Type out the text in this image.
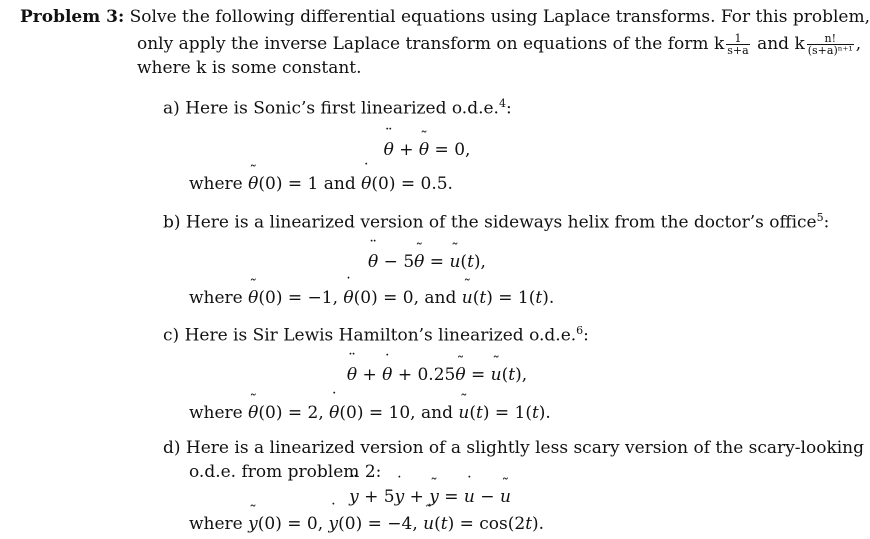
Problem 3: Solve the following differential equations using Laplace transforms. For this problem,
only apply the inverse Laplace transform on equations of the form k $\frac{1}{s+a}$ and k $\frac{n!}{\text{(s+a)ⁿ⁺¹}}$ ,
where k is some constant.
a) Here is Sonic’s first linearized o.d.e.$^4$:
¨ θ + θ ˜ = 0,
where θ ˜(0) = 1 and ˙ θ(0) = 0.5.
b) Here is a linearized version of the sideways helix from the doctor’s office$^5$:
¨ θ − 5θ ˜ = u ˜(t),
where θ ˜(0) = −1, ˙ θ(0) = 0, and u ˜(t) = 1(t).
c) Here is Sir Lewis Hamilton’s linearized o.d.e.$^6$:
¨ θ + ˙ θ + 0.25θ ˜ = u ˜(t),
where θ ˜(0) = 2, ˙ θ(0) = 10, and u ˜(t) = 1(t).
d) Here is a linearized version of a slightly less scary version of the scary-looking
o.d.e. from problem 2:
¨ y + 5˙ y + y ˜ = ˙ u − u ˜
where y ˜(0) = 0, ˙ y(0) = −4, u ˜(t) = cos(2t).
